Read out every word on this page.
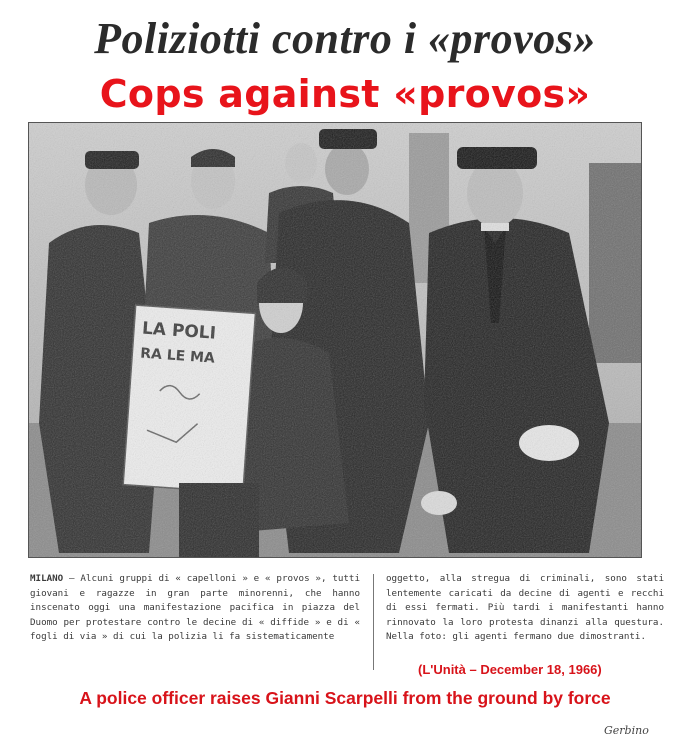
Poliziotti contro i «provos»
Cops against «provos»
MILANO — Alcuni gruppi di « capelloni » e « provos », tutti giovani e ragazze in gran parte minorenni, che hanno inscenato oggi una manifestazione pacifica in piazza del Duomo per protestare contro le decine di « diffide » e di « fogli di via » di cui la polizia li fa sistematicamente
oggetto, alla stregua di criminali, sono stati lentemente caricati da decine di agenti e recchi di essi fermati. Più tardi i manifestanti hanno rinnovato la loro protesta dinanzi alla questura. Nella foto: gli agenti fermano due dimostranti.
(L'Unità – December 18, 1966)
A police officer raises Gianni Scarpelli from the ground by force
Gerbino
